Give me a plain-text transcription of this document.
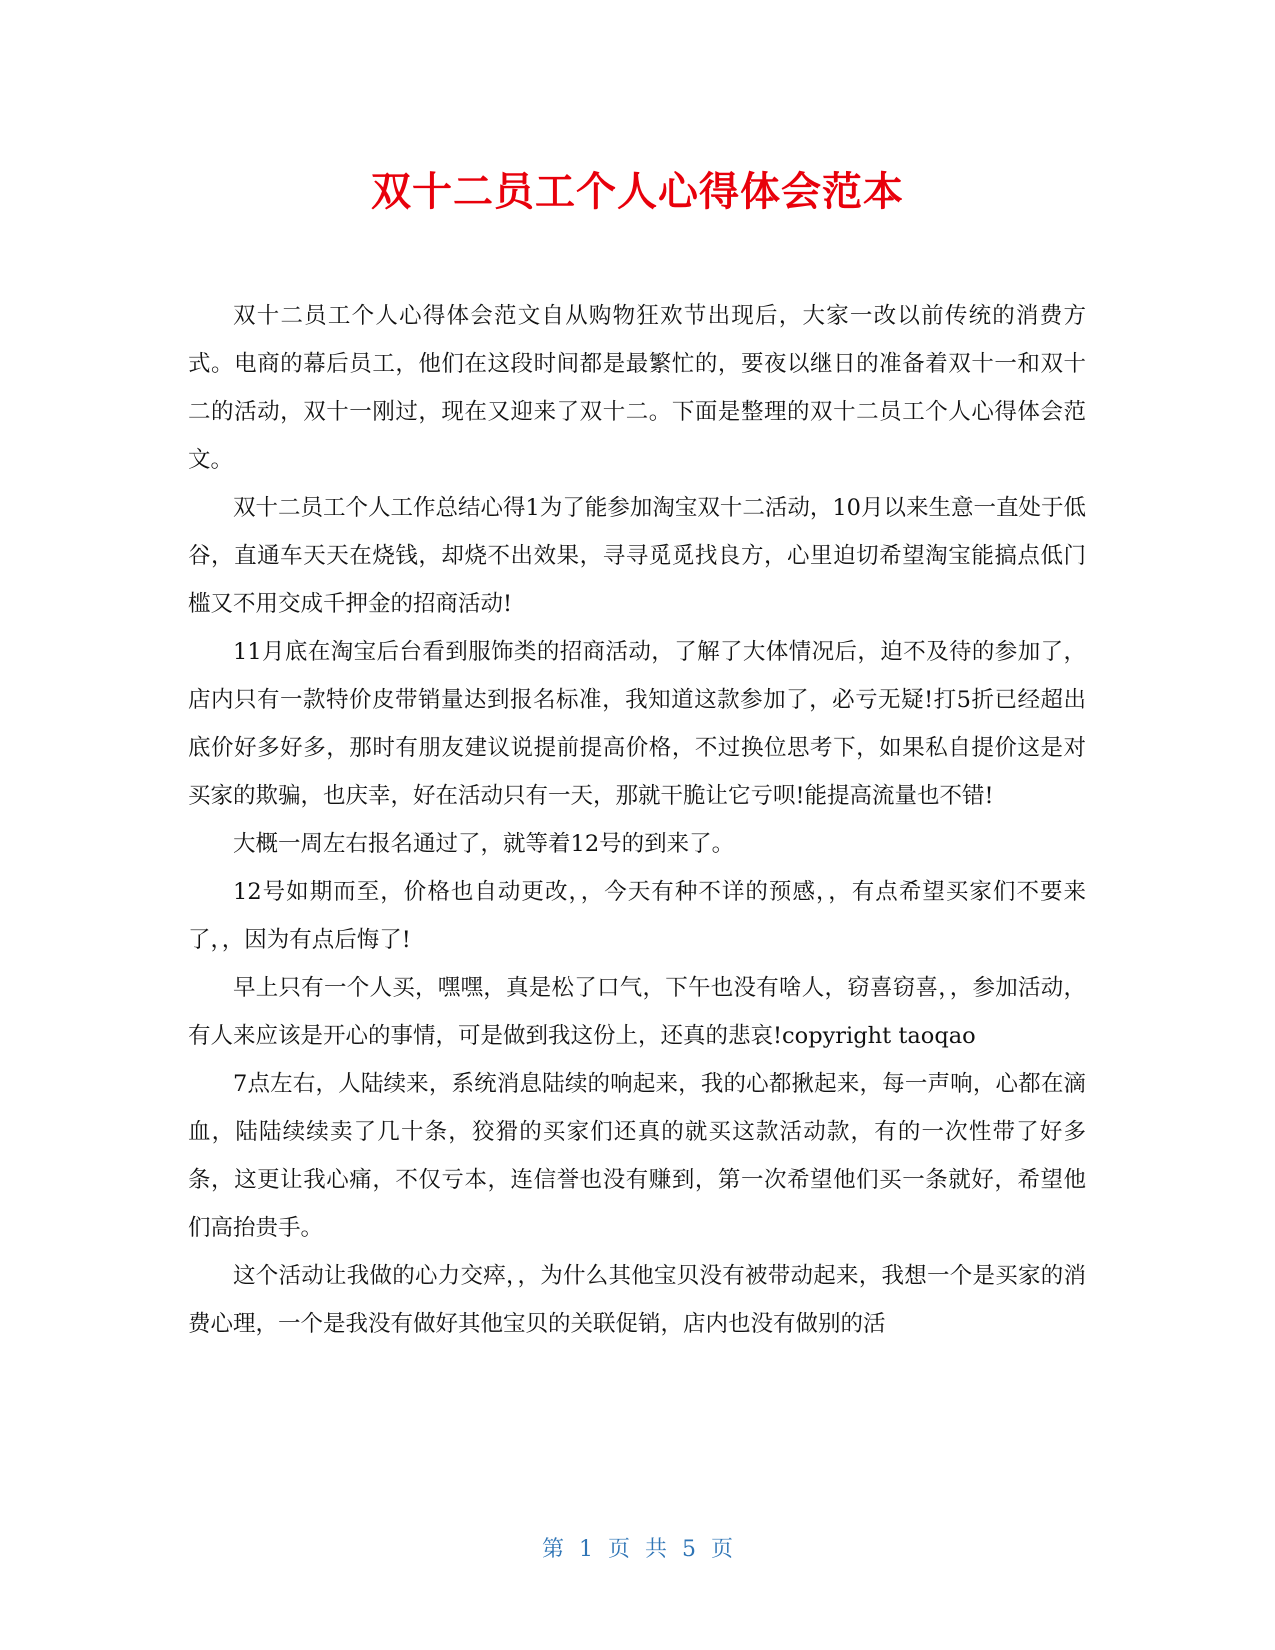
双十二员工个人心得体会范本

双十二员工个人心得体会范文自从购物狂欢节出现后，大家一改以前传统的消费方式。电商的幕后员工，他们在这段时间都是最繁忙的，要夜以继日的准备着双十一和双十二的活动，双十一刚过，现在又迎来了双十二。下面是整理的双十二员工个人心得体会范文。

双十二员工个人工作总结心得1为了能参加淘宝双十二活动，10月以来生意一直处于低谷，直通车天天在烧钱，却烧不出效果，寻寻觅觅找良方，心里迫切希望淘宝能搞点低门槛又不用交成千押金的招商活动!

11月底在淘宝后台看到服饰类的招商活动，了解了大体情况后，迫不及待的参加了，店内只有一款特价皮带销量达到报名标准，我知道这款参加了，必亏无疑!打5折已经超出底价好多好多，那时有朋友建议说提前提高价格，不过换位思考下，如果私自提价这是对买家的欺骗，也庆幸，好在活动只有一天，那就干脆让它亏呗!能提高流量也不错!

大概一周左右报名通过了，就等着12号的到来了。

12号如期而至，价格也自动更改，，今天有种不详的预感，，有点希望买家们不要来了，，因为有点后悔了!

早上只有一个人买，嘿嘿，真是松了口气，下午也没有啥人，窃喜窃喜，，参加活动，有人来应该是开心的事情，可是做到我这份上，还真的悲哀!copyright taoqao

7点左右，人陆续来，系统消息陆续的响起来，我的心都揪起来，每一声响，心都在滴血，陆陆续续卖了几十条，狡猾的买家们还真的就买这款活动款，有的一次性带了好多条，这更让我心痛，不仅亏本，连信誉也没有赚到，第一次希望他们买一条就好，希望他们高抬贵手。

这个活动让我做的心力交瘁，，为什么其他宝贝没有被带动起来，我想一个是买家的消费心理，一个是我没有做好其他宝贝的关联促销，店内也没有做别的活

第 1 页 共 5 页
